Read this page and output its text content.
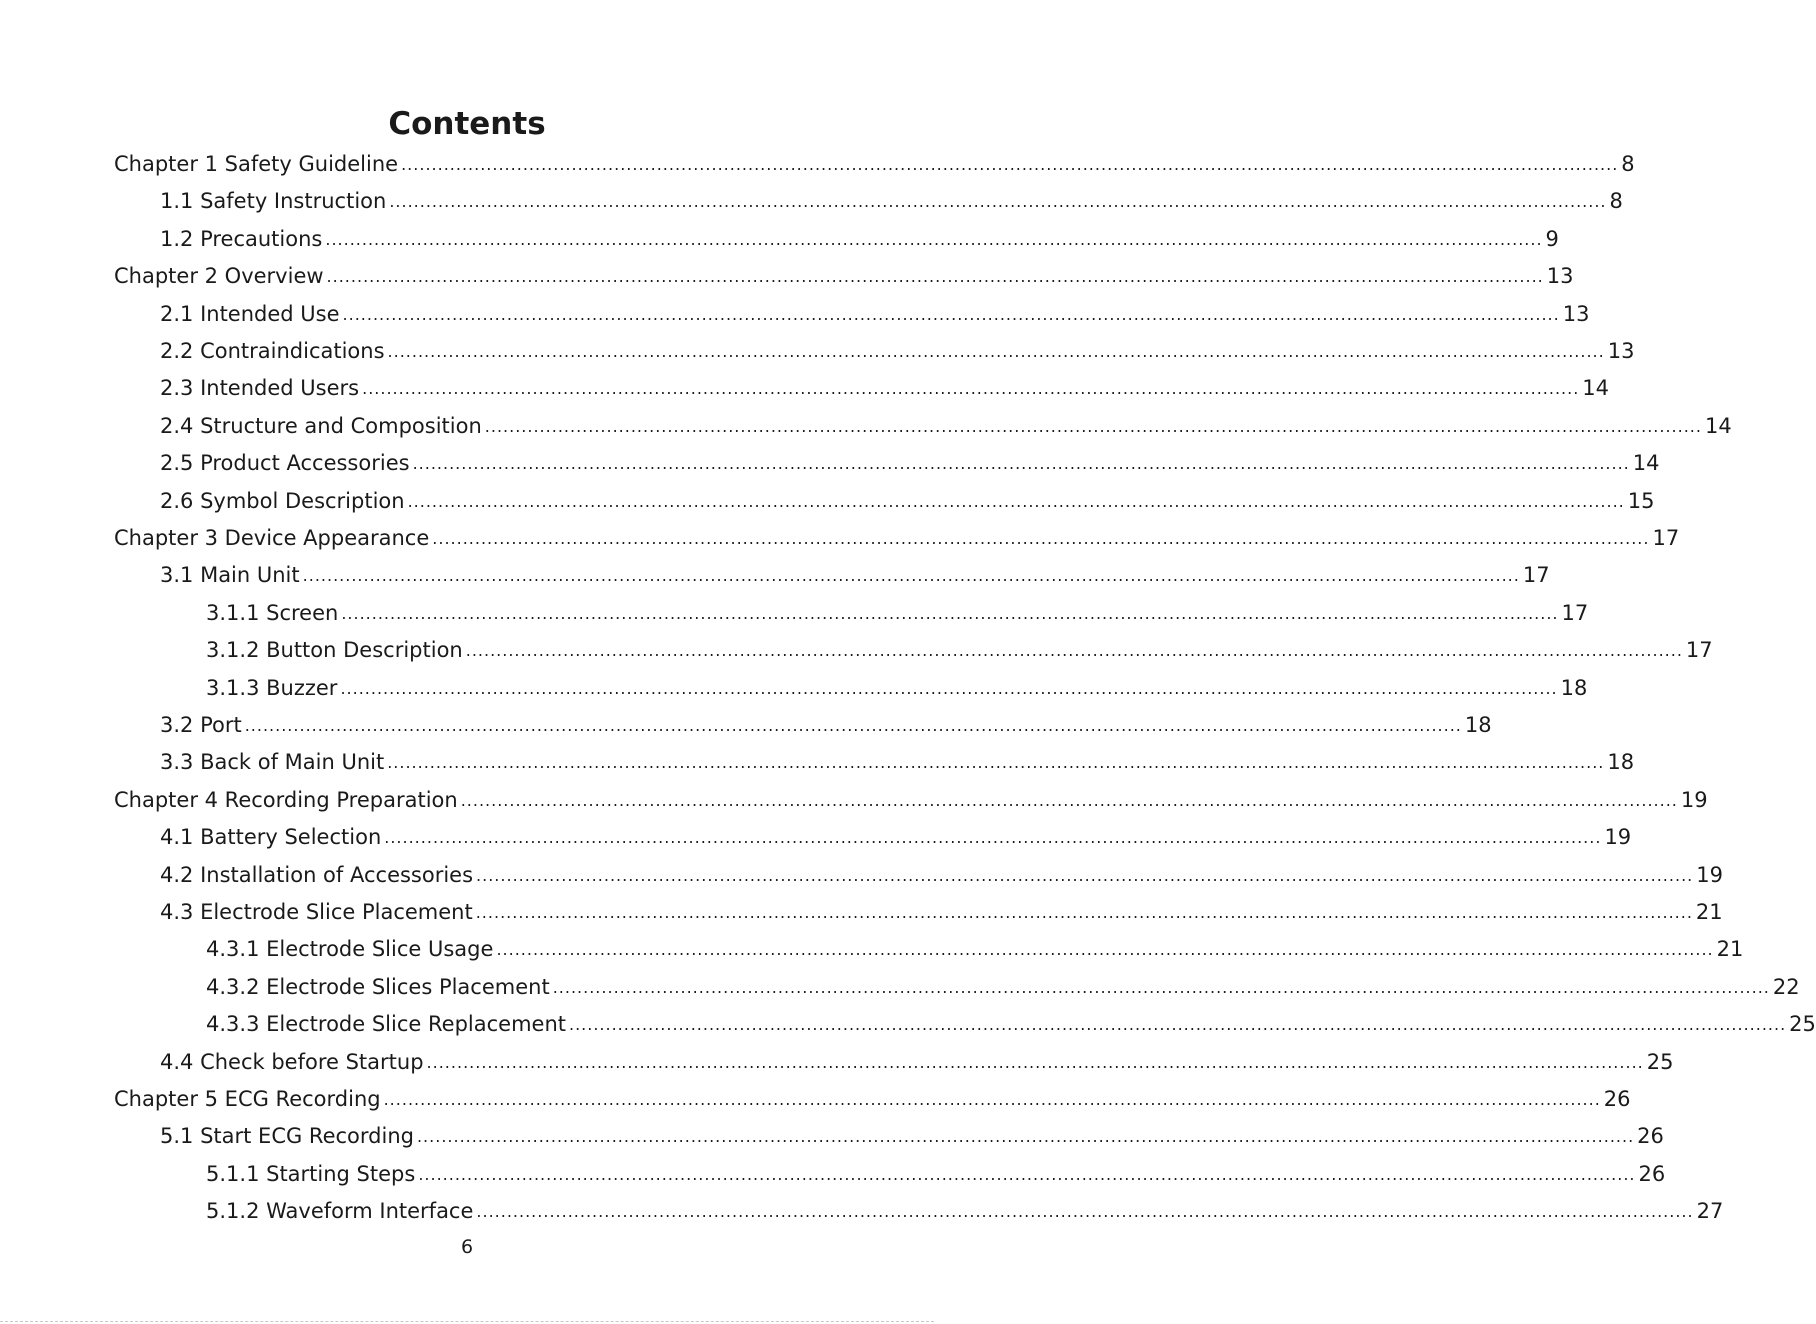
Contents
Chapter 1 Safety Guideline ........................................................................................................................................................................................................ 8
1.1 Safety Instruction ........................................................................................................................................................................................................ 8
1.2 Precautions ........................................................................................................................................................................................................ 9
Chapter 2 Overview ........................................................................................................................................................................................................ 13
2.1 Intended Use ........................................................................................................................................................................................................ 13
2.2 Contraindications ........................................................................................................................................................................................................ 13
2.3 Intended Users ........................................................................................................................................................................................................ 14
2.4 Structure and Composition ........................................................................................................................................................................................................ 14
2.5 Product Accessories ........................................................................................................................................................................................................ 14
2.6 Symbol Description ........................................................................................................................................................................................................ 15
Chapter 3 Device Appearance ........................................................................................................................................................................................................ 17
3.1 Main Unit ........................................................................................................................................................................................................ 17
3.1.1 Screen ........................................................................................................................................................................................................ 17
3.1.2 Button Description ........................................................................................................................................................................................................ 17
3.1.3 Buzzer ........................................................................................................................................................................................................ 18
3.2 Port ........................................................................................................................................................................................................ 18
3.3 Back of Main Unit ........................................................................................................................................................................................................ 18
Chapter 4 Recording Preparation ........................................................................................................................................................................................................ 19
4.1 Battery Selection ........................................................................................................................................................................................................ 19
4.2 Installation of Accessories ........................................................................................................................................................................................................ 19
4.3 Electrode Slice Placement ........................................................................................................................................................................................................ 21
4.3.1 Electrode Slice Usage ........................................................................................................................................................................................................ 21
4.3.2 Electrode Slices Placement ........................................................................................................................................................................................................ 22
4.3.3 Electrode Slice Replacement ........................................................................................................................................................................................................ 25
4.4 Check before Startup ........................................................................................................................................................................................................ 25
Chapter 5 ECG Recording ........................................................................................................................................................................................................ 26
5.1 Start ECG Recording ........................................................................................................................................................................................................ 26
5.1.1 Starting Steps ........................................................................................................................................................................................................ 26
5.1.2 Waveform Interface ........................................................................................................................................................................................................ 27
6
